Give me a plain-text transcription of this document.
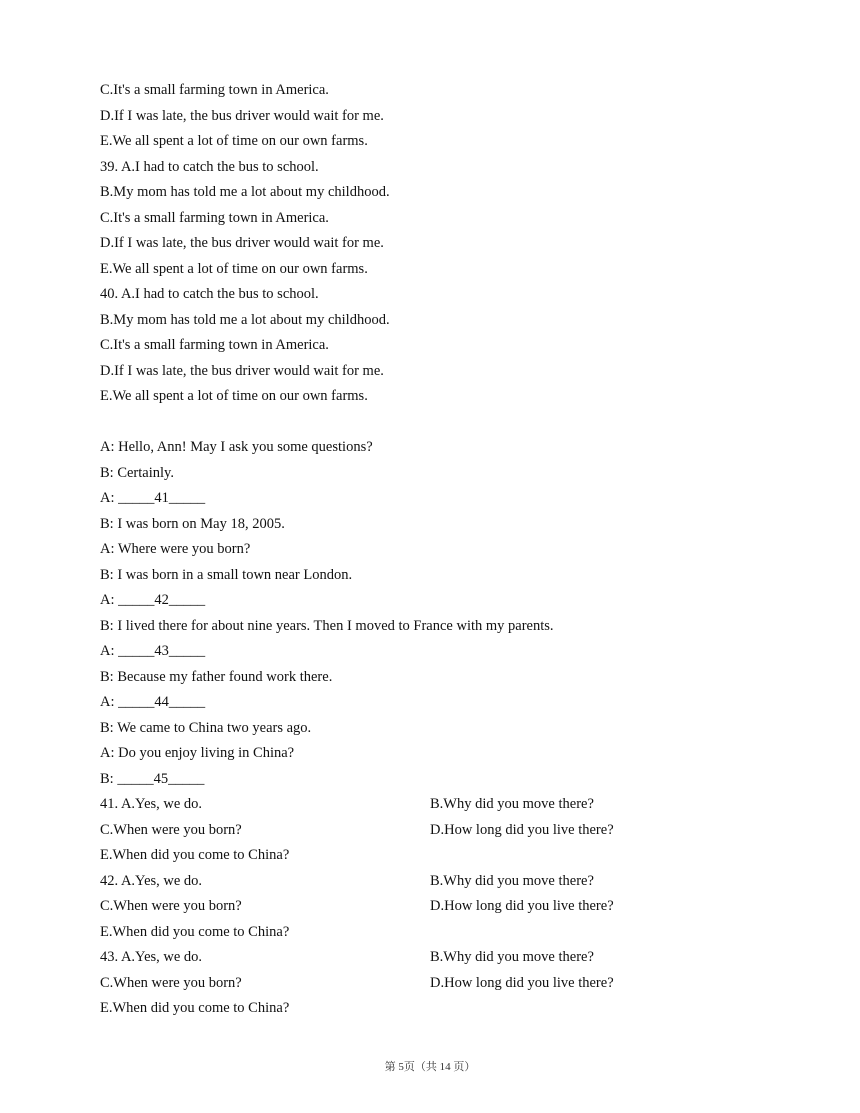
C.It's a small farming town in America.
D.If I was late, the bus driver would wait for me.
E.We all spent a lot of time on our own farms.
39. A.I had to catch the bus to school.
B.My mom has told me a lot about my childhood.
C.It's a small farming town in America.
D.If I was late, the bus driver would wait for me.
E.We all spent a lot of time on our own farms.
40. A.I had to catch the bus to school.
B.My mom has told me a lot about my childhood.
C.It's a small farming town in America.
D.If I was late, the bus driver would wait for me.
E.We all spent a lot of time on our own farms.
A: Hello, Ann! May I ask you some questions?
B: Certainly.
A: _____41_____
B: I was born on May 18, 2005.
A: Where were you born?
B: I was born in a small town near London.
A: _____42_____
B: I lived there for about nine years. Then I moved to France with my parents.
A: _____43_____
B: Because my father found work there.
A: _____44_____
B: We came to China two years ago.
A: Do you enjoy living in China?
B: _____45_____
41. A.Yes, we do.	B.Why did you move there?
C.When were you born?	D.How long did you live there?
E.When did you come to China?
42. A.Yes, we do.	B.Why did you move there?
C.When were you born?	D.How long did you live there?
E.When did you come to China?
43. A.Yes, we do.	B.Why did you move there?
C.When were you born?	D.How long did you live there?
E.When did you come to China?
第 5页（共 14 页）
